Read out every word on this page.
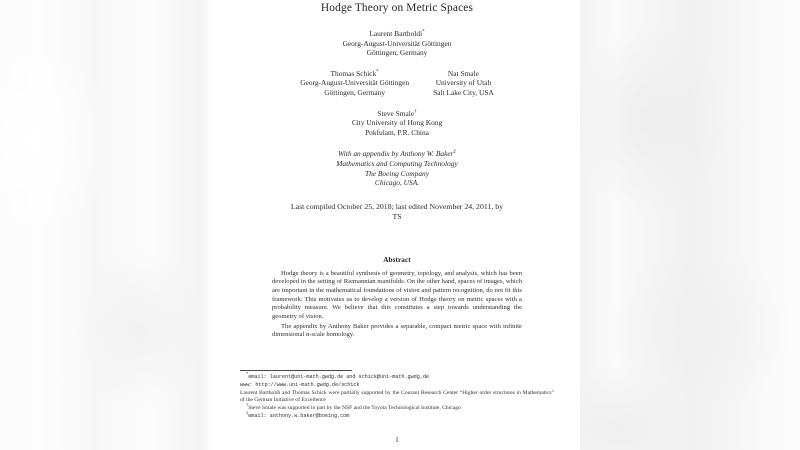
Hodge Theory on Metric Spaces
Laurent Bartholdi*
Georg-August-Universität Göttingen
Göttingen, Germany
Thomas Schick*
Georg-August-Universität Göttingen
Göttingen, Germany
Nat Smale
University of Utah
Salt Lake City, USA
Steve Smale†
City University of Hong Kong
Pokfulam, P.R. China
With an appendix by Anthony W. Baker‡
Mathematics and Computing Technology
The Boeing Company
Chicago, USA.
Last compiled October 25, 2018; last edited November 24, 2011, by
TS
Abstract

Hodge theory is a beautiful synthesis of geometry, topology, and analysis, which has been developed in the setting of Riemannian manifolds. On the other hand, spaces of images, which are important in the mathematical foundations of vision and pattern recognition, do not fit this framework. This motivates us to develop a version of Hodge theory on metric spaces with a probability measure. We believe that this constitutes a step towards understanding the geometry of vision.

The appendix by Anthony Baker provides a separable, compact metric space with infinite dimensional α-scale homology.

*email: laurent@uni-math.gwdg.de and schick@uni-math.gwdg.de

www: http://www.uni-math.gwdg.de/schick

Laurent Bartholdi and Thomas Schick were partially supported by the Courant Research Center “Higher order structures in Mathematics” of the German Initiative of Excellence

†Steve Smale was supported in part by the NSF and the Toyota Technological Institute, Chicago

‡email: anthony.w.baker@boeing.com

1
